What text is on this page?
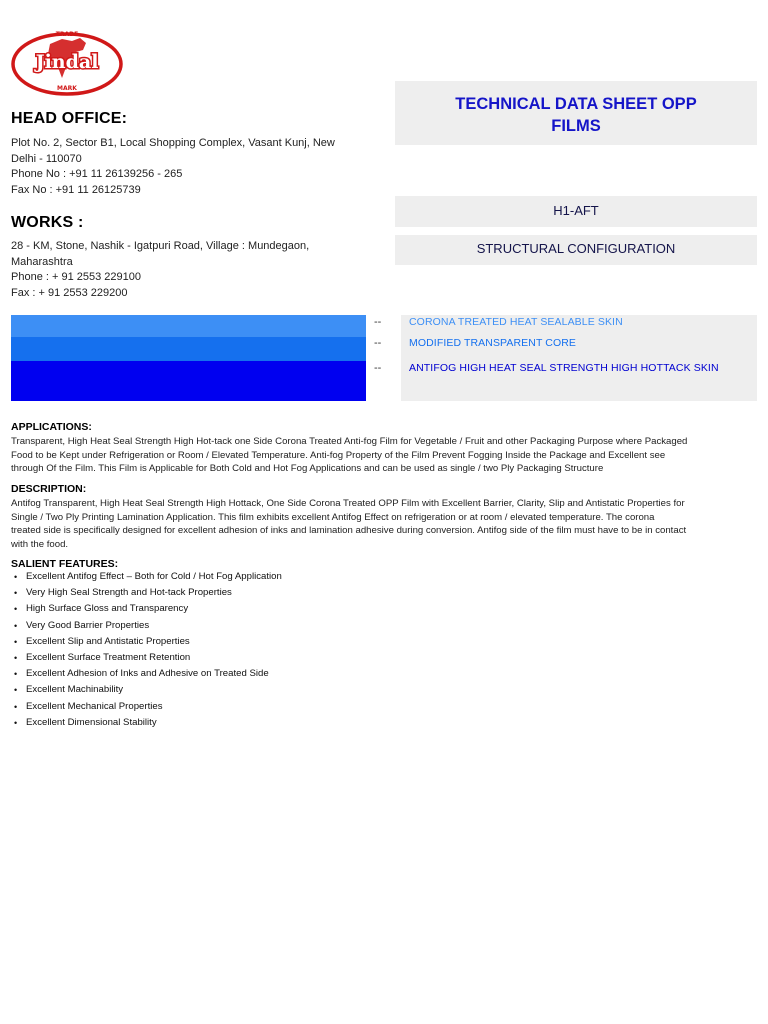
Jindal
TRADE
MARK
HEAD OFFICE:
Plot No. 2, Sector B1, Local Shopping Complex, Vasant Kunj, New
Delhi - 110070
Phone No : +91 11 26139256 - 265
Fax No : +91 11 26125739
WORKS :
28 - KM, Stone, Nashik - Igatpuri Road, Village : Mundegaon,
Maharashtra
Phone : + 91 2553 229100
Fax : + 91 2553 229200
TECHNICAL DATA SHEET OPP
FILMS
H1-AFT
STRUCTURAL CONFIGURATION
--
--
--
CORONA TREATED HEAT SEALABLE SKIN
MODIFIED TRANSPARENT CORE
ANTIFOG HIGH HEAT SEAL STRENGTH HIGH HOTTACK SKIN
APPLICATIONS:
Transparent, High Heat Seal Strength High Hot-tack one Side Corona Treated Anti-fog Film for Vegetable / Fruit and other Packaging Purpose where Packaged
Food to be Kept under Refrigeration or Room / Elevated Temperature. Anti-fog Property of the Film Prevent Fogging Inside the Package and Excellent see
through Of the Film. This Film is Applicable for Both Cold and Hot Fog Applications and can be used as single / two Ply Packaging Structure
DESCRIPTION:
Antifog Transparent, High Heat Seal Strength High Hottack, One Side Corona Treated OPP Film with Excellent Barrier, Clarity, Slip and Antistatic Properties for
Single / Two Ply Printing Lamination Application. This film exhibits excellent Antifog Effect on refrigeration or at room / elevated temperature. The corona
treated side is specifically designed for excellent adhesion of inks and lamination adhesive during conversion. Antifog side of the film must have to be in contact
with the food.
SALIENT FEATURES:
• Excellent Antifog Effect – Both for Cold / Hot Fog Application
• Very High Seal Strength and Hot-tack Properties
• High Surface Gloss and Transparency
• Very Good Barrier Properties
• Excellent Slip and Antistatic Properties
• Excellent Surface Treatment Retention
• Excellent Adhesion of Inks and Adhesive on Treated Side
• Excellent Machinability
• Excellent Mechanical Properties
• Excellent Dimensional Stability
